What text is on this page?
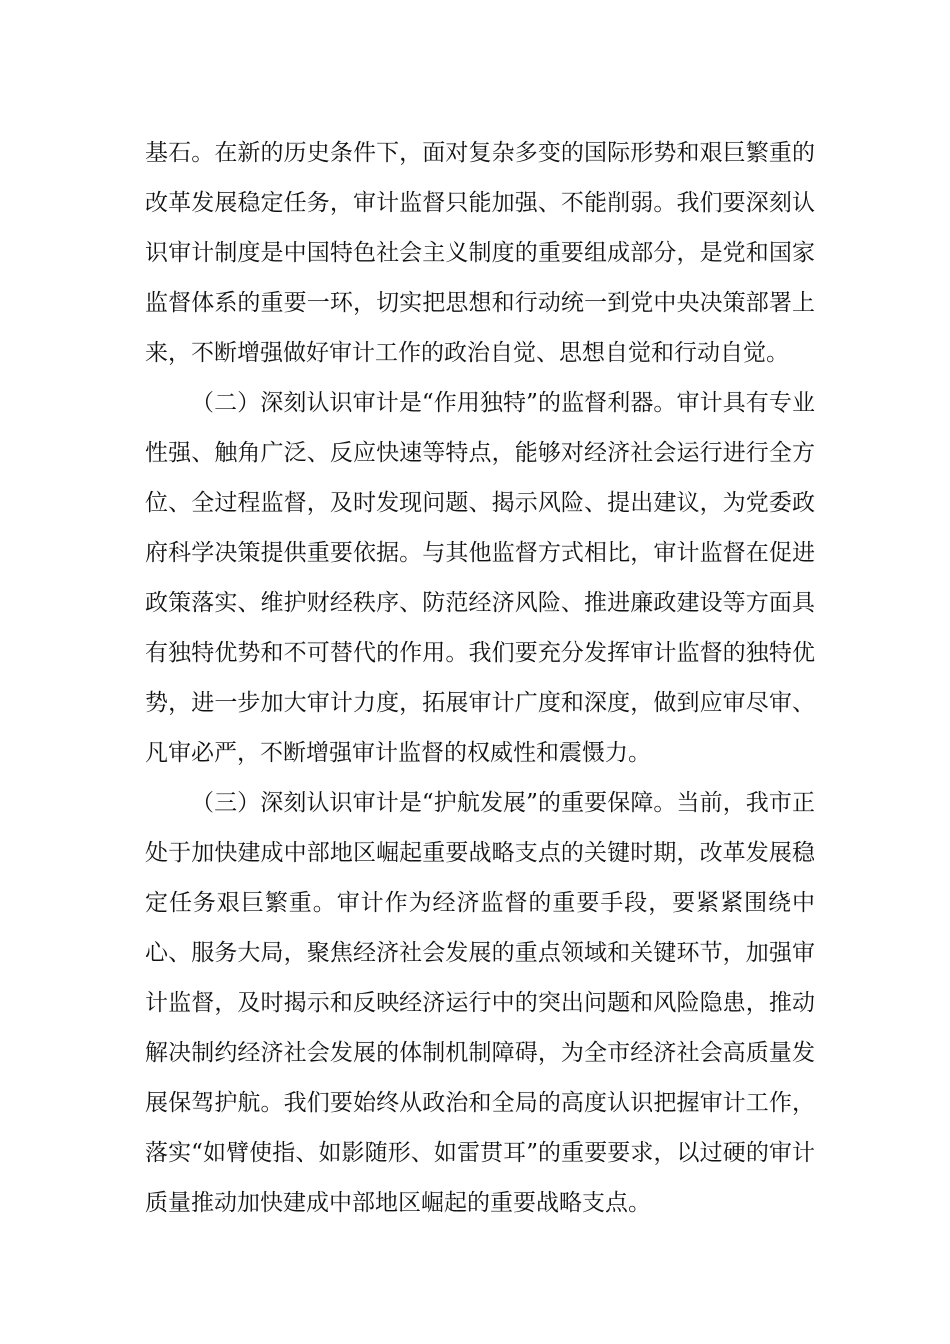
基石。在新的历史条件下，面对复杂多变的国际形势和艰巨繁重的改革发展稳定任务，审计监督只能加强、不能削弱。我们要深刻认识审计制度是中国特色社会主义制度的重要组成部分，是党和国家监督体系的重要一环，切实把思想和行动统一到党中央决策部署上来，不断增强做好审计工作的政治自觉、思想自觉和行动自觉。

（二）深刻认识审计是“作用独特”的监督利器。审计具有专业性强、触角广泛、反应快速等特点，能够对经济社会运行进行全方位、全过程监督，及时发现问题、揭示风险、提出建议，为党委政府科学决策提供重要依据。与其他监督方式相比，审计监督在促进政策落实、维护财经秩序、防范经济风险、推进廉政建设等方面具有独特优势和不可替代的作用。我们要充分发挥审计监督的独特优势，进一步加大审计力度，拓展审计广度和深度，做到应审尽审、凡审必严，不断增强审计监督的权威性和震慑力。

（三）深刻认识审计是“护航发展”的重要保障。当前，我市正处于加快建成中部地区崛起重要战略支点的关键时期，改革发展稳定任务艰巨繁重。审计作为经济监督的重要手段，要紧紧围绕中心、服务大局，聚焦经济社会发展的重点领域和关键环节，加强审计监督，及时揭示和反映经济运行中的突出问题和风险隐患，推动解决制约经济社会发展的体制机制障碍，为全市经济社会高质量发展保驾护航。我们要始终从政治和全局的高度认识把握审计工作，落实“如臂使指、如影随形、如雷贯耳”的重要要求，以过硬的审计质量推动加快建成中部地区崛起的重要战略支点。
